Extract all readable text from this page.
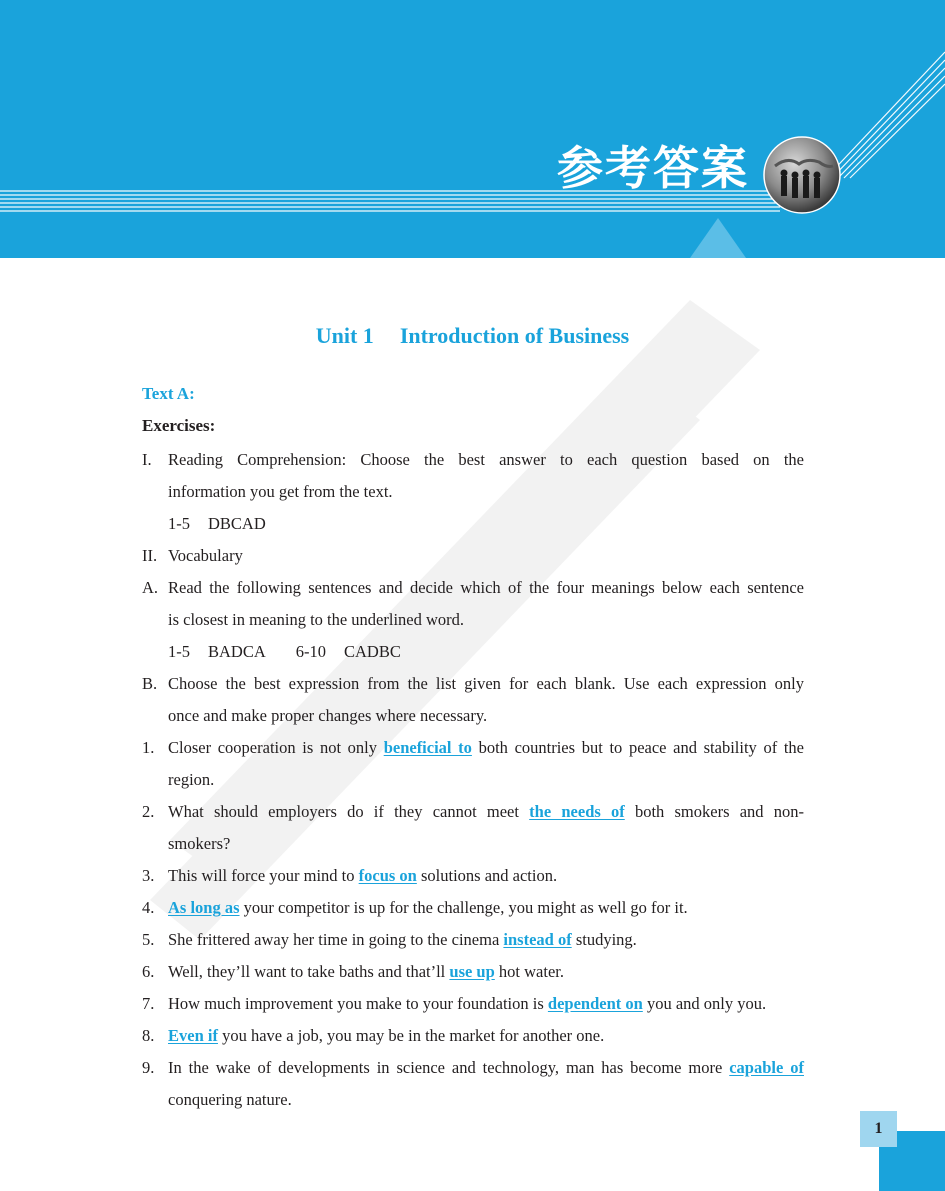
参考答案
Unit 1 Introduction of Business
Text A:
Exercises:
I. Reading Comprehension: Choose the best answer to each question based on the
information you get from the text.
1-5 DBCAD
II. Vocabulary
A. Read the following sentences and decide which of the four meanings below each sentence
is closest in meaning to the underlined word.
1-5 BADCA 6-10 CADBC
B. Choose the best expression from the list given for each blank. Use each expression only
once and make proper changes where necessary.
1. Closer cooperation is not only beneficial to both countries but to peace and stability of the
region.
2. What should employers do if they cannot meet the needs of both smokers and non-
smokers?
3. This will force your mind to focus on solutions and action.
4. As long as your competitor is up for the challenge, you might as well go for it.
5. She frittered away her time in going to the cinema instead of studying.
6. Well, they’ll want to take baths and that’ll use up hot water.
7. How much improvement you make to your foundation is dependent on you and only you.
8. Even if you have a job, you may be in the market for another one.
9. In the wake of developments in science and technology, man has become more capable of
conquering nature.
1
